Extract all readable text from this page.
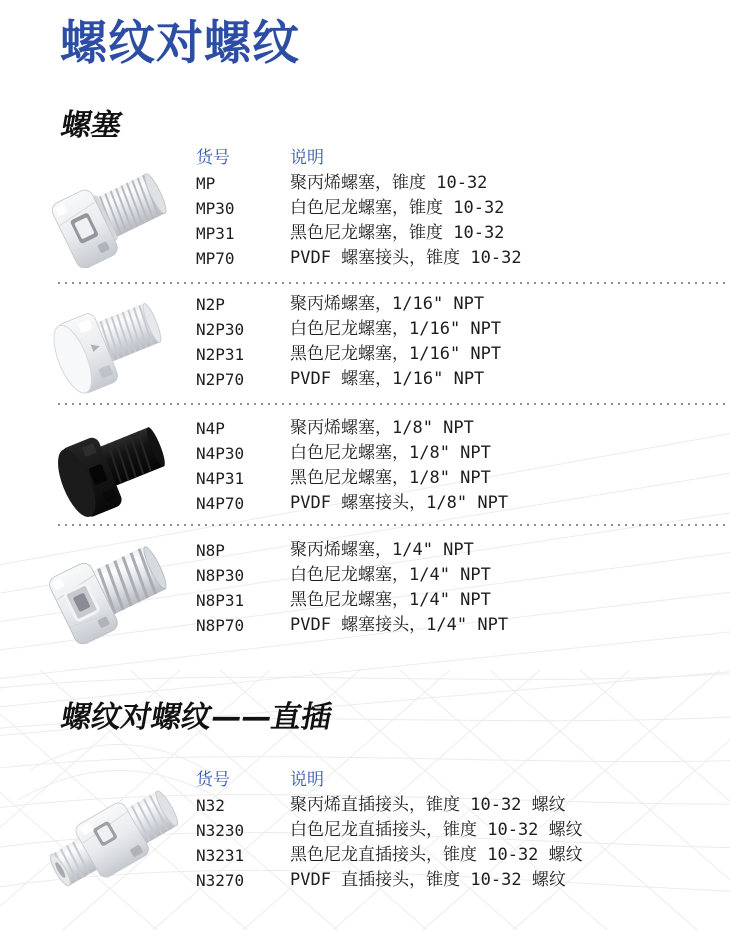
螺纹对螺纹
螺塞
货号	说明
MP	聚丙烯螺塞，锥度 10-32
MP30	白色尼龙螺塞，锥度 10-32
MP31	黑色尼龙螺塞，锥度 10-32
MP70	PVDF 螺塞接头，锥度 10-32
N2P	聚丙烯螺塞，1/16" NPT
N2P30	白色尼龙螺塞，1/16" NPT
N2P31	黑色尼龙螺塞，1/16" NPT
N2P70	PVDF 螺塞，1/16" NPT
N4P	聚丙烯螺塞，1/8" NPT
N4P30	白色尼龙螺塞，1/8" NPT
N4P31	黑色尼龙螺塞，1/8" NPT
N4P70	PVDF 螺塞接头，1/8" NPT
N8P	聚丙烯螺塞，1/4" NPT
N8P30	白色尼龙螺塞，1/4" NPT
N8P31	黑色尼龙螺塞，1/4" NPT
N8P70	PVDF 螺塞接头，1/4" NPT
螺纹对螺纹——直插
货号	说明
N32	聚丙烯直插接头，锥度 10-32 螺纹
N3230	白色尼龙直插接头，锥度 10-32 螺纹
N3231	黑色尼龙直插接头，锥度 10-32 螺纹
N3270	PVDF 直插接头，锥度 10-32 螺纹
